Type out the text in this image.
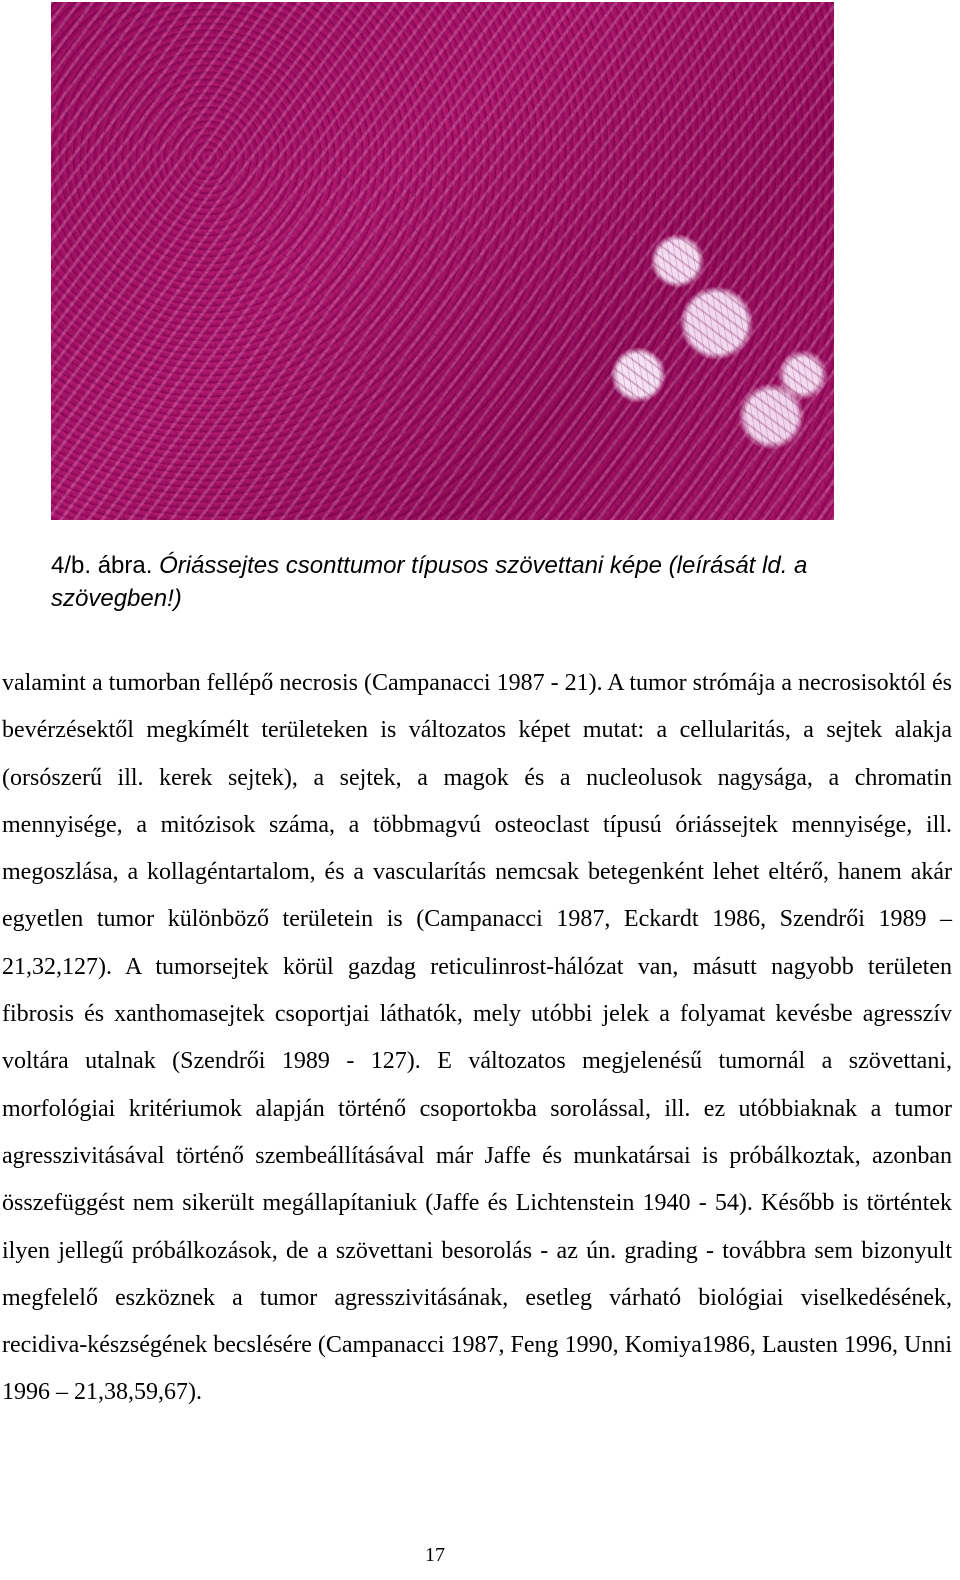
4/b. ábra. Óriássejtes csonttumor típusos szövettani képe (leírását ld. a szövegben!)
valamint a tumorban fellépő necrosis (Campanacci 1987 - 21). A tumor strómája a necrosisoktól és bevérzésektől megkímélt területeken is változatos képet mutat: a cellularitás, a sejtek alakja (orsószerű ill. kerek sejtek), a sejtek, a magok és a nucleolusok nagysága, a chromatin mennyisége, a mitózisok száma, a többmagvú osteoclast típusú óriássejtek mennyisége, ill. megoszlása, a kollagéntartalom, és a vascularítás nemcsak betegenként lehet eltérő, hanem akár egyetlen tumor különböző területein is (Campanacci 1987, Eckardt 1986, Szendrői 1989 – 21,32,127). A tumorsejtek körül gazdag reticulinrost-hálózat van, másutt nagyobb területen fibrosis és xanthomasejtek csoportjai láthatók, mely utóbbi jelek a folyamat kevésbe agresszív voltára utalnak (Szendrői 1989 - 127). E változatos megjelenésű tumornál a szövettani, morfológiai kritériumok alapján történő csoportokba sorolással, ill. ez utóbbiaknak a tumor agresszivitásával történő szembeállításával már Jaffe és munkatársai is próbálkoztak, azonban összefüggést nem sikerült megállapítaniuk (Jaffe és Lichtenstein 1940 - 54). Később is történtek ilyen jellegű próbálkozások, de a szövettani besorolás - az ún. grading - továbbra sem bizonyult megfelelő eszköznek a tumor agresszivitásának, esetleg várható biológiai viselkedésének, recidiva-készségének becslésére (Campanacci 1987, Feng 1990, Komiya1986, Lausten 1996, Unni 1996 – 21,38,59,67).
17
